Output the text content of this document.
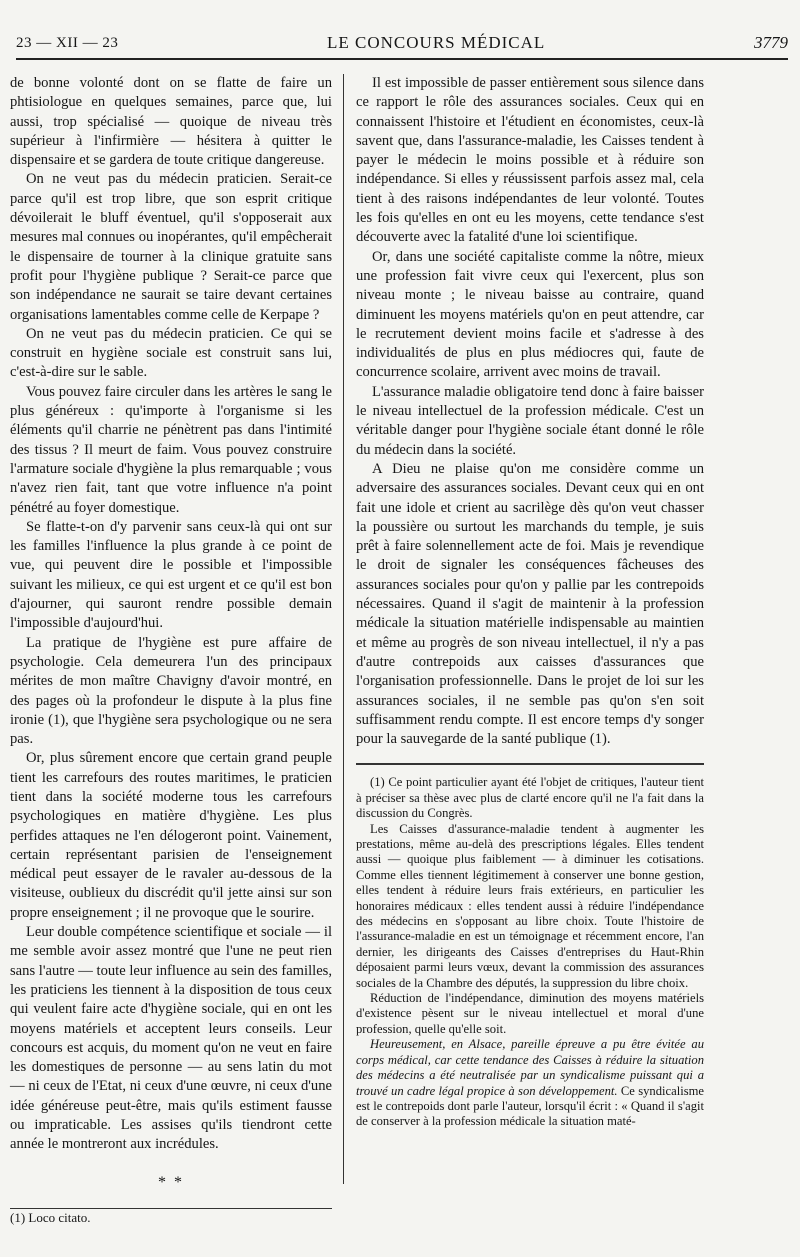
23 — XII — 23	LE CONCOURS MÉDICAL	3779

de bonne volonté dont on se flatte de faire un phtisiologue en quelques semaines, parce que, lui aussi, trop spécialisé — quoique de niveau très supérieur à l'infirmière — hésitera à quitter le dispensaire et se gardera de toute critique dangereuse.

On ne veut pas du médecin praticien. Serait-ce parce qu'il est trop libre, que son esprit critique dévoilerait le bluff éventuel, qu'il s'opposerait aux mesures mal connues ou inopérantes, qu'il empêcherait le dispensaire de tourner à la clinique gratuite sans profit pour l'hygiène publique ? Serait-ce parce que son indépendance ne saurait se taire devant certaines organisations lamentables comme celle de Kerpape ?

On ne veut pas du médecin praticien. Ce qui se construit en hygiène sociale est construit sans lui, c'est-à-dire sur le sable.

Vous pouvez faire circuler dans les artères le sang le plus généreux : qu'importe à l'organisme si les éléments qu'il charrie ne pénètrent pas dans l'intimité des tissus ? Il meurt de faim. Vous pouvez construire l'armature sociale d'hygiène la plus remarquable ; vous n'avez rien fait, tant que votre influence n'a point pénétré au foyer domestique.

Se flatte-t-on d'y parvenir sans ceux-là qui ont sur les familles l'influence la plus grande à ce point de vue, qui peuvent dire le possible et l'impossible suivant les milieux, ce qui est urgent et ce qu'il est bon d'ajourner, qui sauront rendre possible demain l'impossible d'aujourd'hui.

La pratique de l'hygiène est pure affaire de psychologie. Cela demeurera l'un des principaux mérites de mon maître Chavigny d'avoir montré, en des pages où la profondeur le dispute à la plus fine ironie (1), que l'hygiène sera psychologique ou ne sera pas.

Or, plus sûrement encore que certain grand peuple tient les carrefours des routes maritimes, le praticien tient dans la société moderne tous les carrefours psychologiques en matière d'hygiène. Les plus perfides attaques ne l'en délogeront point. Vainement, certain représentant parisien de l'enseignement médical peut essayer de le ravaler au-dessous de la visiteuse, oublieux du discrédit qu'il jette ainsi sur son propre enseignement ; il ne provoque que le sourire.

Leur double compétence scientifique et sociale — il me semble avoir assez montré que l'une ne peut rien sans l'autre — toute leur influence au sein des familles, les praticiens les tiennent à la disposition de tous ceux qui veulent faire acte d'hygiène sociale, qui en ont les moyens matériels et acceptent leurs conseils. Leur concours est acquis, du moment qu'on ne veut en faire les domestiques de personne — au sens latin du mot — ni ceux de l'Etat, ni ceux d'une œuvre, ni ceux d'une idée généreuse peut-être, mais qu'ils estiment fausse ou impraticable. Les assises qu'ils tiendront cette année le montreront aux incrédules.

* *

(1) Loco citato.

Il est impossible de passer entièrement sous silence dans ce rapport le rôle des assurances sociales. Ceux qui en connaissent l'histoire et l'étudient en économistes, ceux-là savent que, dans l'assurance-maladie, les Caisses tendent à payer le médecin le moins possible et à réduire son indépendance. Si elles y réussissent parfois assez mal, cela tient à des raisons indépendantes de leur volonté. Toutes les fois qu'elles en ont eu les moyens, cette tendance s'est découverte avec la fatalité d'une loi scientifique.

Or, dans une société capitaliste comme la nôtre, mieux une profession fait vivre ceux qui l'exercent, plus son niveau monte ; le niveau baisse au contraire, quand diminuent les moyens matériels qu'on en peut attendre, car le recrutement devient moins facile et s'adresse à des individualités de plus en plus médiocres qui, faute de concurrence scolaire, arrivent avec moins de travail.

L'assurance maladie obligatoire tend donc à faire baisser le niveau intellectuel de la profession médicale. C'est un véritable danger pour l'hygiène sociale étant donné le rôle du médecin dans la société.

A Dieu ne plaise qu'on me considère comme un adversaire des assurances sociales. Devant ceux qui en ont fait une idole et crient au sacrilège dès qu'on veut chasser la poussière ou surtout les marchands du temple, je suis prêt à faire solennellement acte de foi. Mais je revendique le droit de signaler les conséquences fâcheuses des assurances sociales pour qu'on y pallie par les contrepoids nécessaires. Quand il s'agit de maintenir à la profession médicale la situation matérielle indispensable au maintien et même au progrès de son niveau intellectuel, il n'y a pas d'autre contrepoids aux caisses d'assurances que l'organisation professionnelle. Dans le projet de loi sur les assurances sociales, il ne semble pas qu'on s'en soit suffisamment rendu compte. Il est encore temps d'y songer pour la sauvegarde de la santé publique (1).

(1) Ce point particulier ayant été l'objet de critiques, l'auteur tient à préciser sa thèse avec plus de clarté encore qu'il ne l'a fait dans la discussion du Congrès.

Les Caisses d'assurance-maladie tendent à augmenter les prestations, même au-delà des prescriptions légales. Elles tendent aussi — quoique plus faiblement — à diminuer les cotisations. Comme elles tiennent légitimement à conserver une bonne gestion, elles tendent à réduire leurs frais extérieurs, en particulier les honoraires médicaux : elles tendent aussi à réduire l'indépendance des médecins en s'opposant au libre choix. Toute l'histoire de l'assurance-maladie en est un témoignage et récemment encore, l'an dernier, les dirigeants des Caisses d'entreprises du Haut-Rhin déposaient parmi leurs vœux, devant la commission des assurances sociales de la Chambre des députés, la suppression du libre choix.

Réduction de l'indépendance, diminution des moyens matériels d'existence pèsent sur le niveau intellectuel et moral d'une profession, quelle qu'elle soit.

Heureusement, en Alsace, pareille épreuve a pu être évitée au corps médical, car cette tendance des Caisses à réduire la situation des médecins a été neutralisée par un syndicalisme puissant qui a trouvé un cadre légal propice à son développement. Ce syndicalisme est le contrepoids dont parle l'auteur, lorsqu'il écrit : « Quand il s'agit de conserver à la profession médicale la situation maté-
